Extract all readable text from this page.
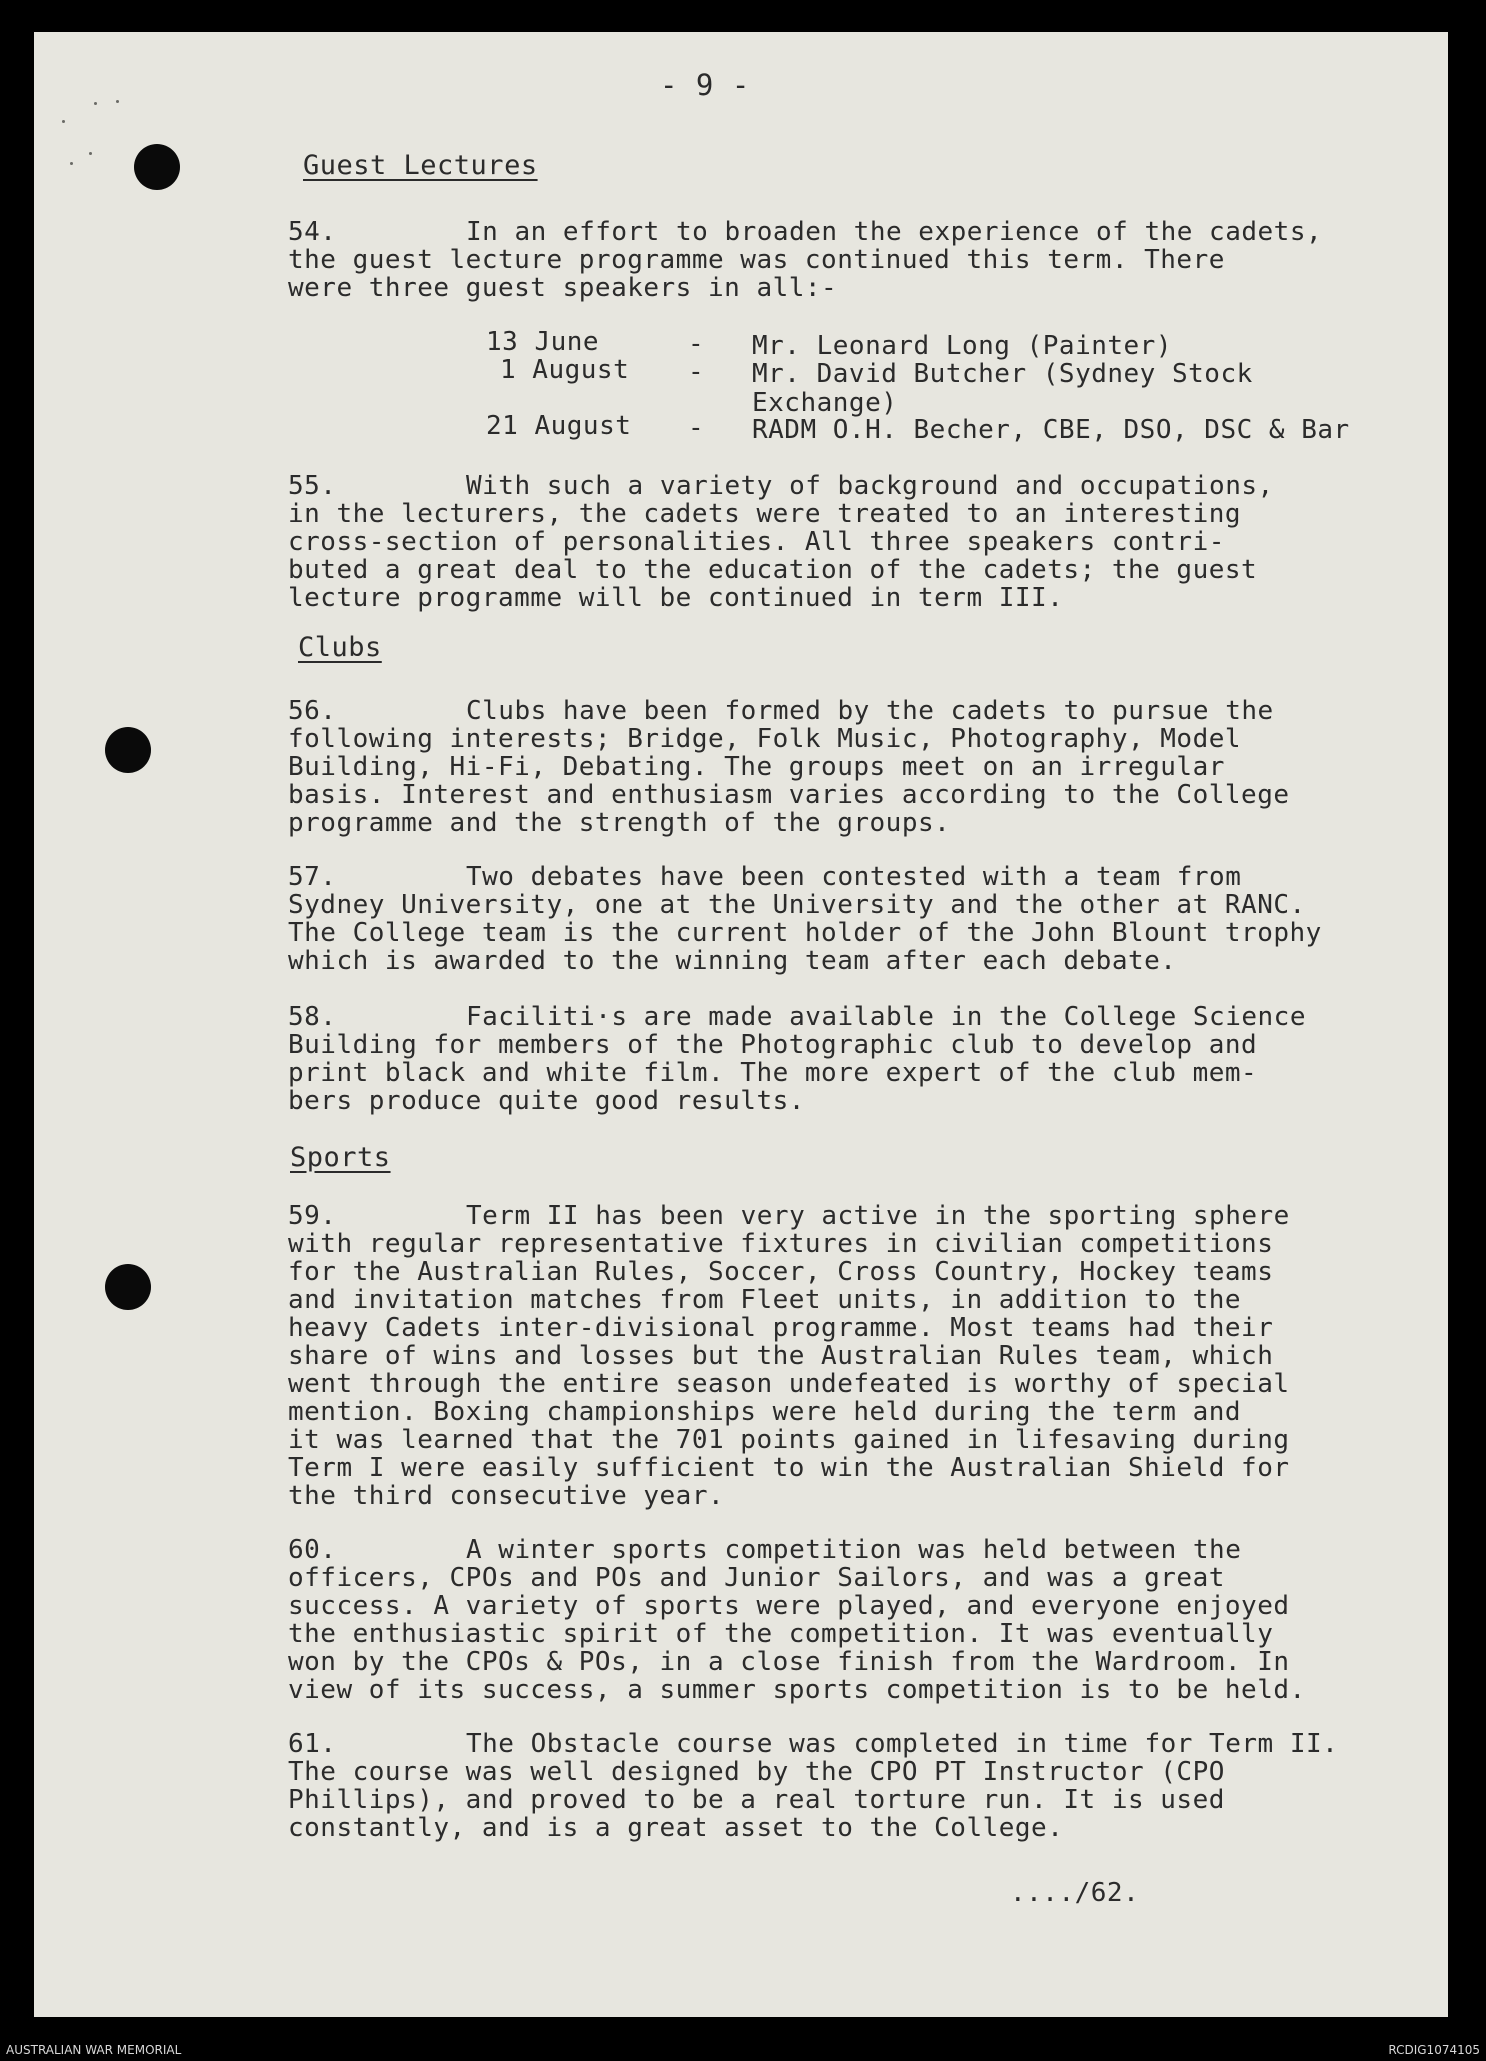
- 9 -
Guest Lectures
54.	In an effort to broaden the experience of the cadets,
the guest lecture programme was continued this term. There
were three guest speakers in all:-
13 June	- Mr. Leonard Long (Painter)
1 August - Mr. David Butcher (Sydney Stock
Exchange)
21 August - RADM O.H. Becher, CBE, DSO, DSC & Bar
55.	With such a variety of background and occupations,
in the lecturers, the cadets were treated to an interesting
cross-section of personalities. All three speakers contri-
buted a great deal to the education of the cadets; the guest
lecture programme will be continued in term III.
Clubs
56.	Clubs have been formed by the cadets to pursue the
following interests; Bridge, Folk Music, Photography, Model
Building, Hi-Fi, Debating. The groups meet on an irregular
basis. Interest and enthusiasm varies according to the College
programme and the strength of the groups.
57.	Two debates have been contested with a team from
Sydney University, one at the University and the other at RANC.
The College team is the current holder of the John Blount trophy
which is awarded to the winning team after each debate.
58.	Faciliti·s are made available in the College Science
Building for members of the Photographic club to develop and
print black and white film. The more expert of the club mem-
bers produce quite good results.
Sports
59.	Term II has been very active in the sporting sphere
with regular representative fixtures in civilian competitions
for the Australian Rules, Soccer, Cross Country, Hockey teams
and invitation matches from Fleet units, in addition to the
heavy Cadets inter-divisional programme. Most teams had their
share of wins and losses but the Australian Rules team, which
went through the entire season undefeated is worthy of special
mention. Boxing championships were held during the term and
it was learned that the 701 points gained in lifesaving during
Term I were easily sufficient to win the Australian Shield for
the third consecutive year.
60.	A winter sports competition was held between the
officers, CPOs and POs and Junior Sailors, and was a great
success. A variety of sports were played, and everyone enjoyed
the enthusiastic spirit of the competition. It was eventually
won by the CPOs & POs, in a close finish from the Wardroom. In
view of its success, a summer sports competition is to be held.
61.	The Obstacle course was completed in time for Term II.
The course was well designed by the CPO PT Instructor (CPO
Phillips), and proved to be a real torture run. It is used
constantly, and is a great asset to the College.
..../62.
AUSTRALIAN WAR MEMORIAL	RCDIG1074105
